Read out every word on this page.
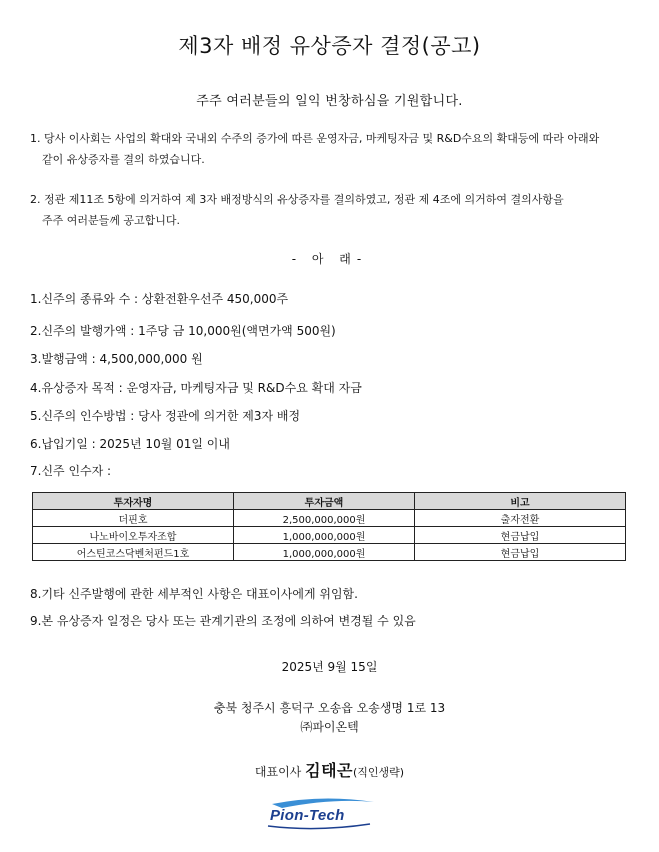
제3자 배정 유상증자 결정(공고)
주주 여러분들의 일익 번창하심을 기원합니다.
1. 당사 이사회는 사업의 확대와 국내외 수주의 증가에 따른 운영자금, 마케팅자금 및 R&D수요의 확대등에 따라 아래와
같이 유상증자를 결의 하였습니다.
2. 정관 제11조 5항에 의거하여 제 3자 배정방식의 유상증자를 결의하였고, 정관 제 4조에 의거하여 결의사항을
주주 여러분들께 공고합니다.
- 아 래-
1.신주의 종류와 수 : 상환전환우선주 450,000주
2.신주의 발행가액 : 1주당 금 10,000원(액면가액 500원)
3.발행금액 : 4,500,000,000 원
4.유상증자 목적 : 운영자금, 마케팅자금 및 R&D수요 확대 자금
5.신주의 인수방법 : 당사 정관에 의거한 제3자 배정
6.납입기일 : 2025년 10월 01일 이내
7.신주 인수자 :
투자자명	투자금액	비고
더핀호	2,500,000,000원	출자전환
나노바이오투자조합	1,000,000,000원	현금납입
어스틴코스닥벤처펀드1호	1,000,000,000원	현금납입
8.기타 신주발행에 관한 세부적인 사항은 대표이사에게 위임함.
9.본 유상증자 일정은 당사 또는 관계기관의 조정에 의하여 변경될 수 있음
2025년 9월 15일
충북 청주시 흥덕구 오송읍 오송생명 1로 13
㈜파이온텍
대표이사 김태곤(직인생략)
Pion-Tech
